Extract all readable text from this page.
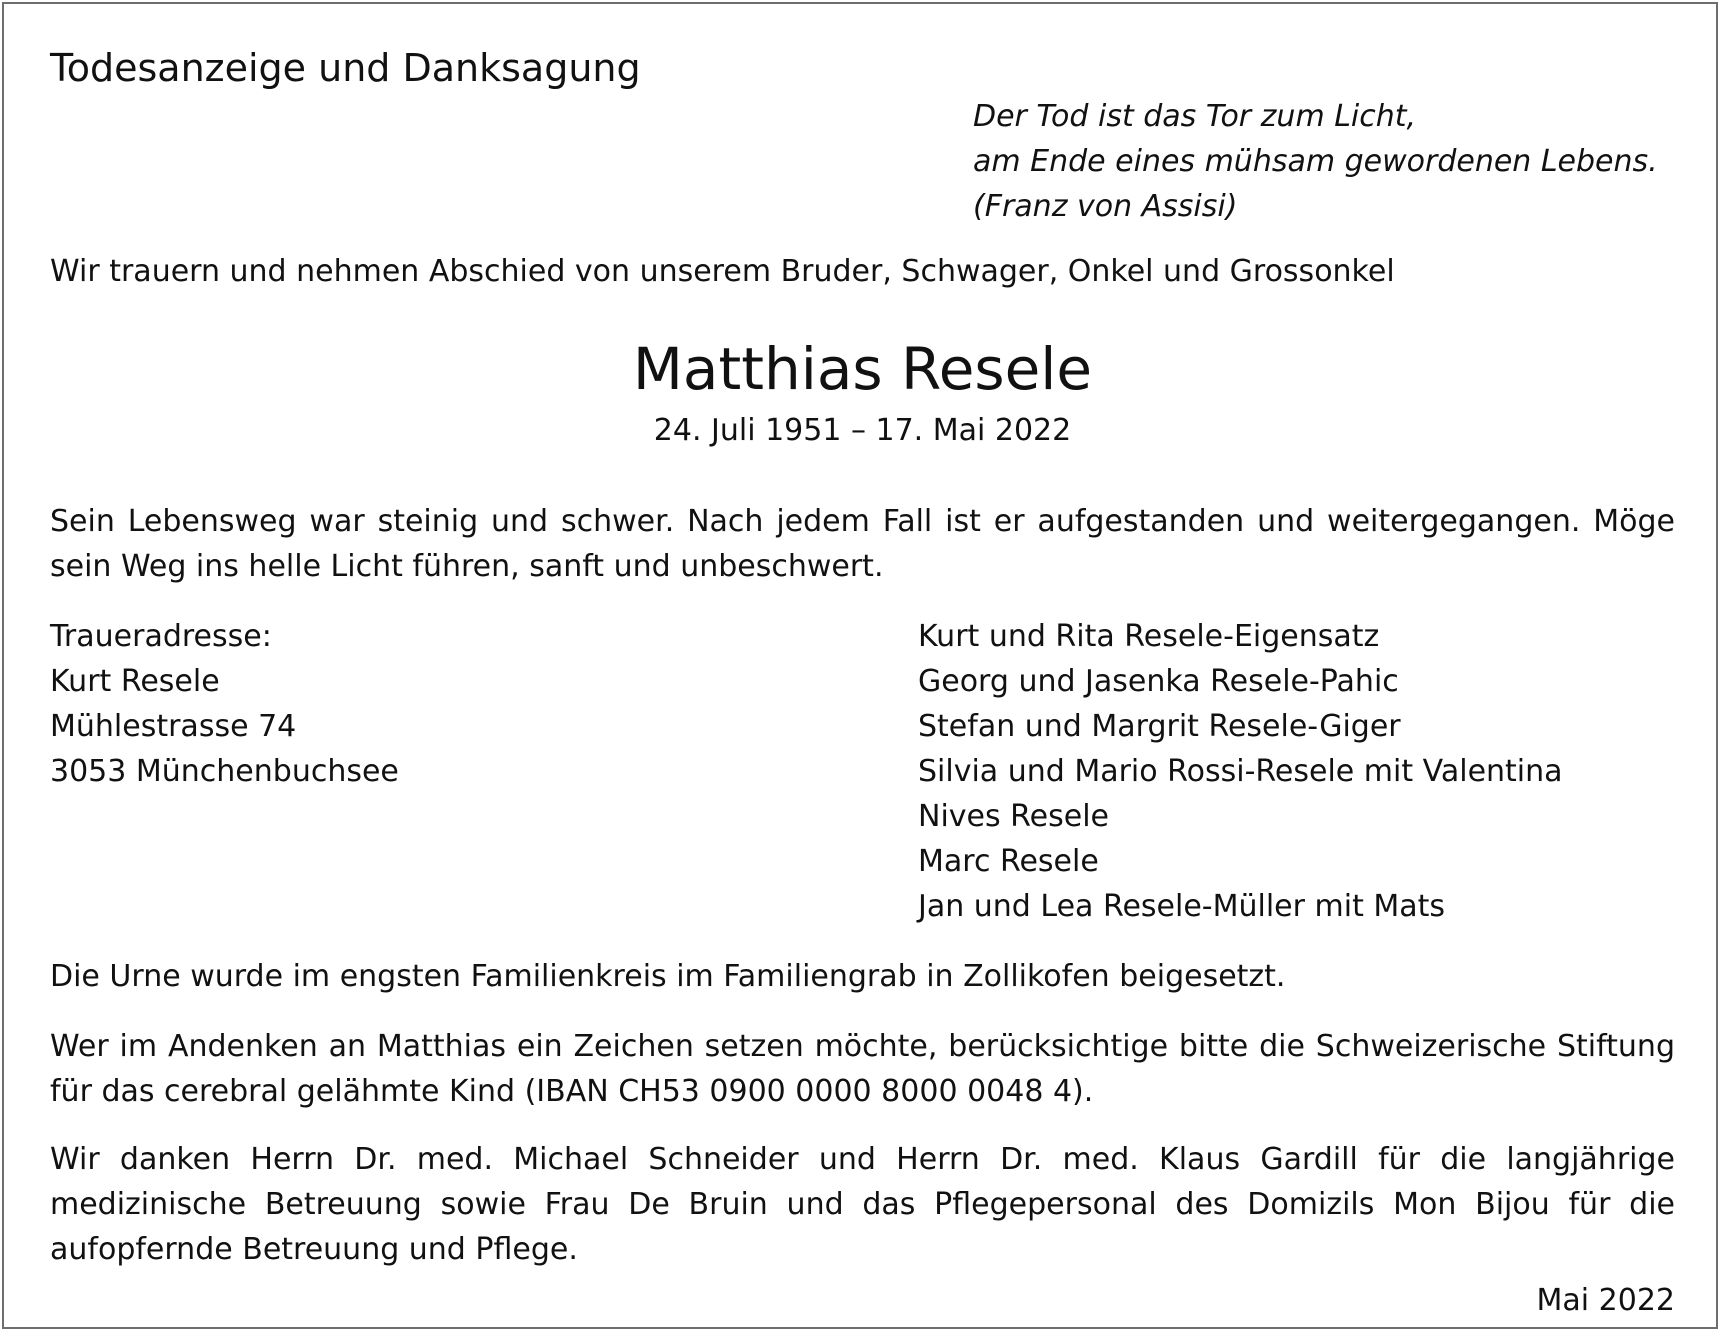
Todesanzeige und Danksagung
Der Tod ist das Tor zum Licht,
am Ende eines mühsam gewordenen Lebens.
(Franz von Assisi)
Wir trauern und nehmen Abschied von unserem Bruder, Schwager, Onkel und Grossonkel
Matthias Resele
24. Juli 1951 – 17. Mai 2022
Sein Lebensweg war steinig und schwer. Nach jedem Fall ist er aufgestanden und weitergegangen. Möge sein Weg ins helle Licht führen, sanft und unbeschwert.
Traueradresse:
Kurt Resele
Mühlestrasse 74
3053 Münchenbuchsee
Kurt und Rita Resele-Eigensatz
Georg und Jasenka Resele-Pahic
Stefan und Margrit Resele-Giger
Silvia und Mario Rossi-Resele mit Valentina
Nives Resele
Marc Resele
Jan und Lea Resele-Müller mit Mats
Die Urne wurde im engsten Familienkreis im Familiengrab in Zollikofen beigesetzt.
Wer im Andenken an Matthias ein Zeichen setzen möchte, berücksichtige bitte die Schweizerische Stiftung für das cerebral gelähmte Kind (IBAN CH53 0900 0000 8000 0048 4).
Wir danken Herrn Dr. med. Michael Schneider und Herrn Dr. med. Klaus Gardill für die langjährige medizinische Betreuung sowie Frau De Bruin und das Pflegepersonal des Domizils Mon Bijou für die aufopfernde Betreuung und Pflege.
Mai 2022
